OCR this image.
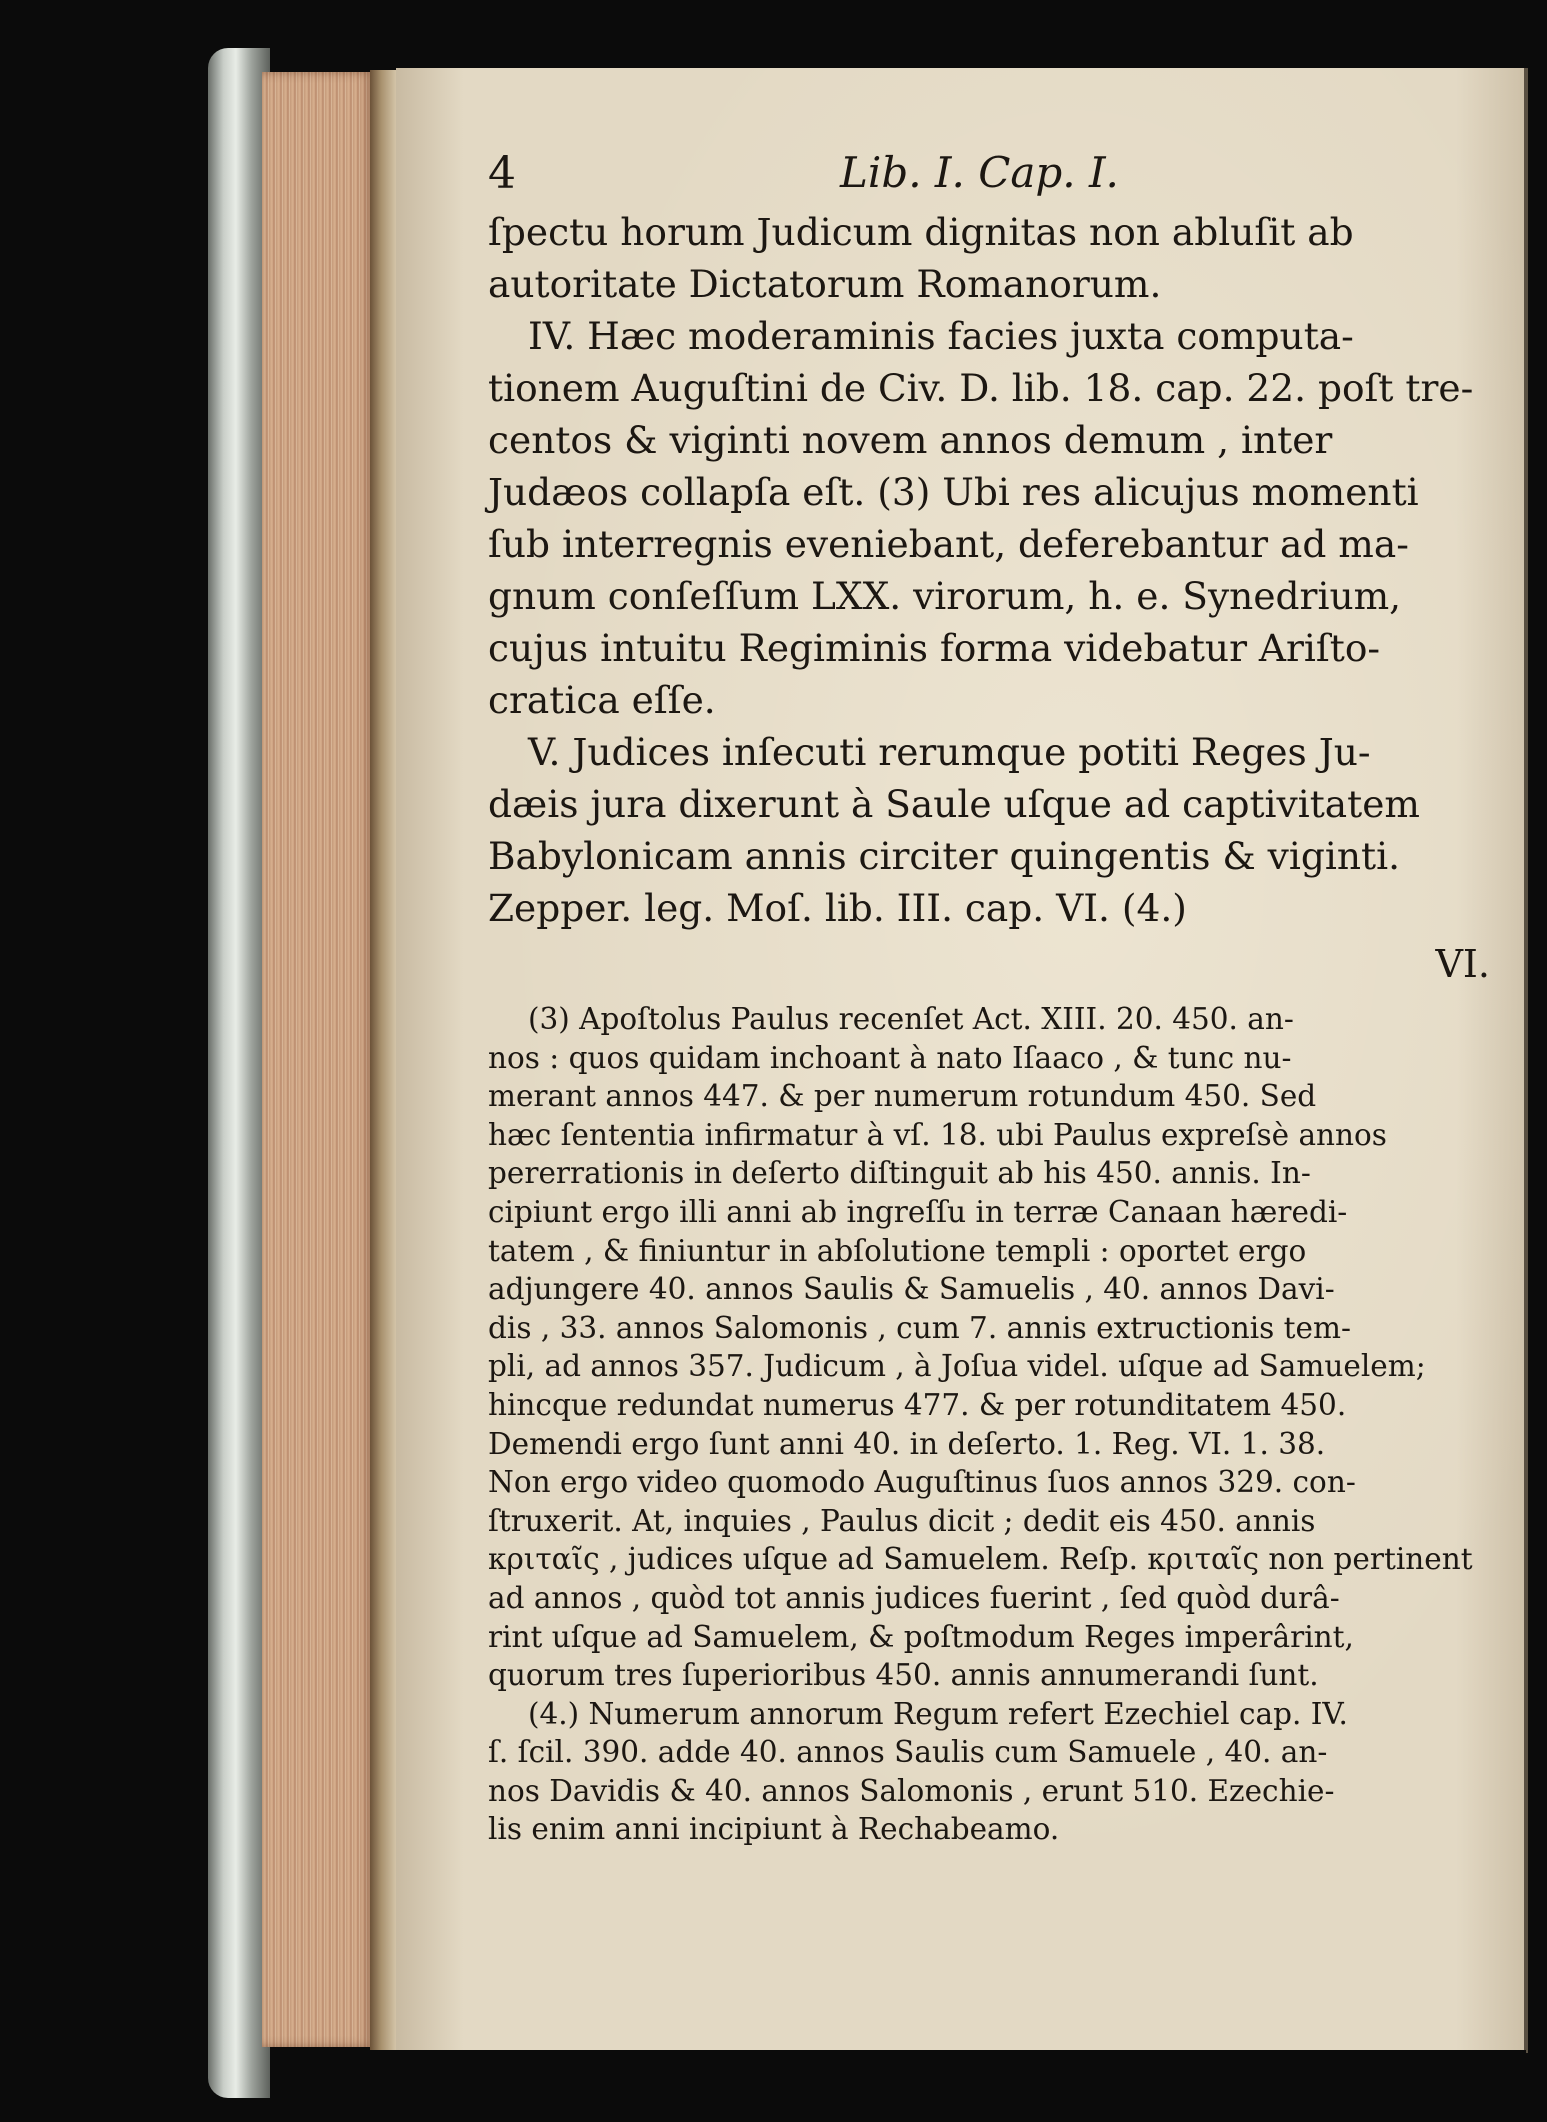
4	Lib. I. Cap. I.
ſpectu horum Judicum dignitas non abluſit ab
autoritate Dictatorum Romanorum.
IV. Hæc moderaminis facies juxta computa-
tionem Auguſtini de Civ. D. lib. 18. cap. 22. poſt tre-
centos & viginti novem annos demum , inter
Judæos collapſa eſt. (3) Ubi res alicujus momenti
ſub interregnis eveniebant, deferebantur ad ma-
gnum conſeſſum LXX. virorum, h. e. Synedrium,
cujus intuitu Regiminis forma videbatur Ariſto-
cratica eſſe.
V. Judices inſecuti rerumque potiti Reges Ju-
dæis jura dixerunt à Saule uſque ad captivitatem
Babylonicam annis circiter quingentis & viginti.
Zepper. leg. Moſ. lib. III. cap. VI. (4.)
VI.
(3) Apoſtolus Paulus recenſet Act. XIII. 20. 450. an-
nos : quos quidam inchoant à nato Iſaaco , & tunc nu-
merant annos 447. & per numerum rotundum 450. Sed
hæc ſententia infirmatur à vſ. 18. ubi Paulus expreſsè annos
pererrationis in deſerto diſtinguit ab his 450. annis. In-
cipiunt ergo illi anni ab ingreſſu in terræ Canaan hæredi-
tatem , & finiuntur in abſolutione templi : oportet ergo
adjungere 40. annos Saulis & Samuelis , 40. annos Davi-
dis , 33. annos Salomonis , cum 7. annis extructionis tem-
pli, ad annos 357. Judicum , à Joſua videl. uſque ad Samuelem;
hincque redundat numerus 477. & per rotunditatem 450.
Demendi ergo ſunt anni 40. in deſerto. 1. Reg. VI. 1. 38.
Non ergo video quomodo Auguſtinus ſuos annos 329. con-
ſtruxerit. At, inquies , Paulus dicit ; dedit eis 450. annis
κριταῖς , judices uſque ad Samuelem. Reſp. κριταῖς non pertinent
ad annos , quòd tot annis judices fuerint , ſed quòd durâ-
rint uſque ad Samuelem, & poſtmodum Reges imperârint,
quorum tres ſuperioribus 450. annis annumerandi ſunt.
(4.) Numerum annorum Regum refert Ezechiel cap. IV.
ſ. ſcil. 390. adde 40. annos Saulis cum Samuele , 40. an-
nos Davidis & 40. annos Salomonis , erunt 510. Ezechie-
lis enim anni incipiunt à Rechabeamo.
